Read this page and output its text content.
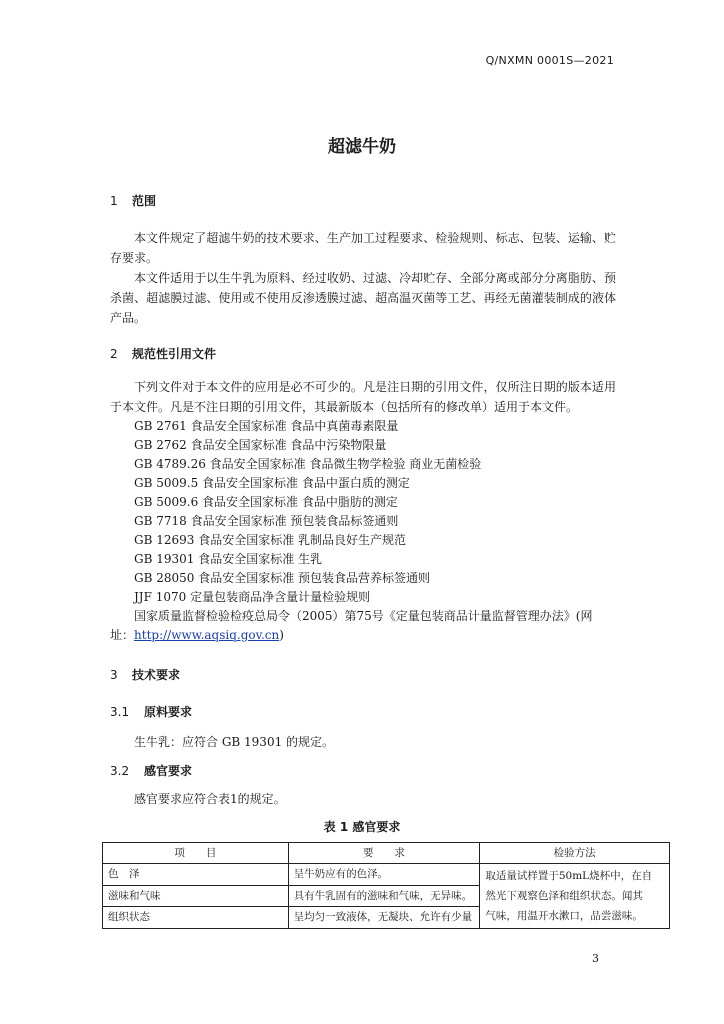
Q/NXMN 0001S—2021
超滤牛奶
1 范围

本文件规定了超滤牛奶的技术要求、生产加工过程要求、检验规则、标志、包装、运输、贮存要求。

本文件适用于以生牛乳为原料、经过收奶、过滤、冷却贮存、全部分离或部分分离脂肪、预杀菌、超滤膜过滤、使用或不使用反渗透膜过滤、超高温灭菌等工艺、再经无菌灌装制成的液体产品。

2 规范性引用文件

下列文件对于本文件的应用是必不可少的。凡是注日期的引用文件，仅所注日期的版本适用于本文件。凡是不注日期的引用文件，其最新版本（包括所有的修改单）适用于本文件。

GB 2761 食品安全国家标准 食品中真菌毒素限量
GB 2762 食品安全国家标准 食品中污染物限量
GB 4789.26 食品安全国家标准 食品微生物学检验 商业无菌检验
GB 5009.5 食品安全国家标准 食品中蛋白质的测定
GB 5009.6 食品安全国家标准 食品中脂肪的测定
GB 7718 食品安全国家标准 预包装食品标签通则
GB 12693 食品安全国家标准 乳制品良好生产规范
GB 19301 食品安全国家标准 生乳
GB 28050 食品安全国家标准 预包装食品营养标签通则
JJF 1070 定量包装商品净含量计量检验规则
国家质量监督检验检疫总局令（2005）第75号《定量包装商品计量监督管理办法》(网
址：http://www.aqsiq.gov.cn)
3 技术要求
3.1 原料要求
生牛乳：应符合 GB 19301 的规定。
3.2 感官要求
感官要求应符合表1的规定。
表 1 感官要求
项　　目	要　　求	检验方法
色　泽	呈牛奶应有的色泽。	取适量试样置于50mL烧杯中，在自
然光下观察色泽和组织状态。闻其
气味，用温开水漱口，品尝滋味。

滋味和气味	具有牛乳固有的滋味和气味，无异味。	
组织状态	呈均匀一致液体，无凝块、允许有少量	
3
